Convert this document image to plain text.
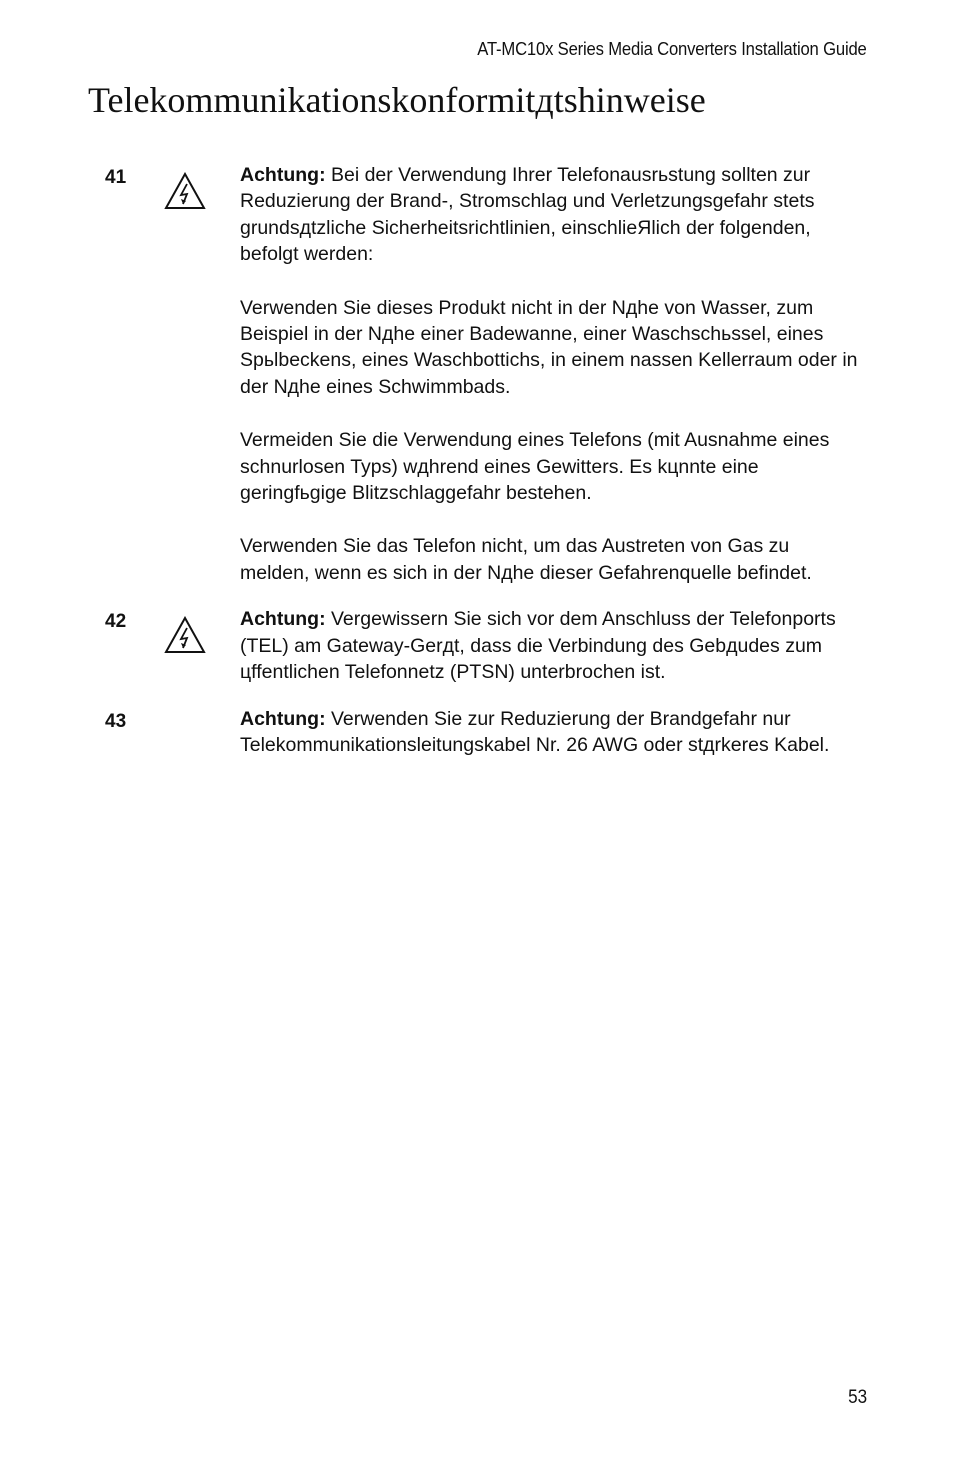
AT-MC10x Series Media Converters Installation Guide
Telekommunikationskonformitдtshinweise
41	Achtung: Bei der Verwendung Ihrer Telefonausrьstung sollten zur Reduzierung der Brand-, Stromschlag und Verletzungsgefahr stets grundsдtzliche Sicherheitsrichtlinien, einschlieЯlich der folgenden, befolgt werden:

Verwenden Sie dieses Produkt nicht in der Nдhe von Wasser, zum Beispiel in der Nдhe einer Badewanne, einer Waschschьssel, eines Spьlbeckens, eines Waschbottichs, in einem nassen Kellerraum oder in der Nдhe eines Schwimmbads.

Vermeiden Sie die Verwendung eines Telefons (mit Ausnahme eines schnurlosen Typs) wдhrend eines Gewitters. Es kцnnte eine geringfьgige Blitzschlaggefahr bestehen.

Verwenden Sie das Telefon nicht, um das Austreten von Gas zu melden, wenn es sich in der Nдhe dieser Gefahrenquelle befindet.

42	Achtung: Vergewissern Sie sich vor dem Anschluss der Telefonports (TEL) am Gateway-Gerдt, dass die Verbindung des Gebдudes zum цffentlichen Telefonnetz (PTSN) unterbrochen ist.

43	Achtung: Verwenden Sie zur Reduzierung der Brandgefahr nur Telekommunikationsleitungskabel Nr. 26 AWG oder stдrkeres Kabel.

53
